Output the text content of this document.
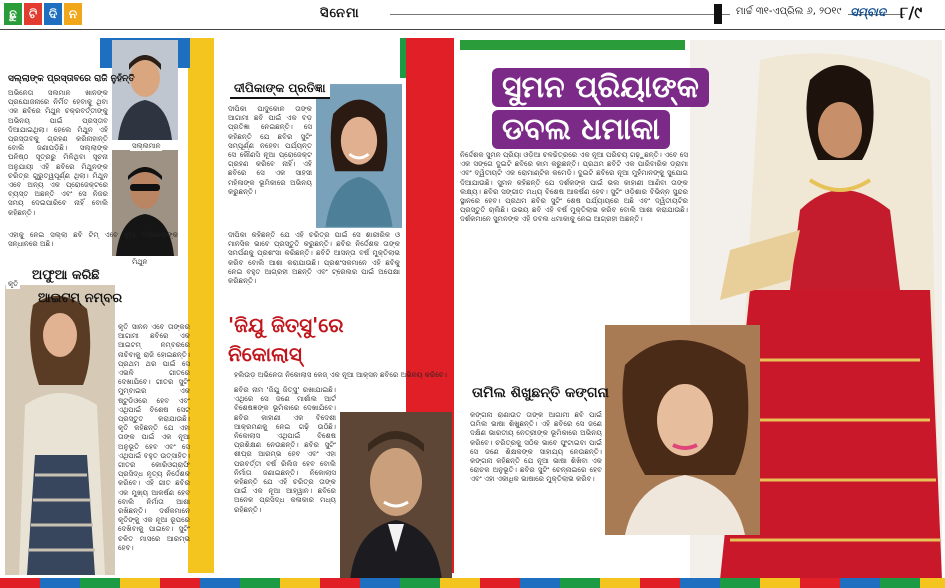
ଛୁ	ଟି ଦି ନ	ସିନେମା	ମାର୍ଚ୍ଚ ୩୧-ଏପ୍ରିଲ ୬, ୨୦୧୯ ସମ୍ବାଦ ୮/୯
ସଲ୍ଲମାନ
ମିଥୁନ
କୃତି
ସଲ୍ଲାଙ୍କ ପ୍ରସ୍ତାବରେ ରାଜି ନୁହଁନ୍ତି
ଅଫୁଆ କରିଛି
ଆଇଟମ୍ ନମ୍ବର
ଦୀପିକାଙ୍କ ପ୍ରତିଜ୍ଞା
'ଜିଯୁ ଜିତ୍‌ସୁ'ରେ
ନିକୋଲାସ୍
ସୁମନ ପ୍ରିୟାଙ୍କ
ଡବଲ ଧମାକା
ତାମିଲ ଶିଖୁଛନ୍ତି କଙ୍ଗନା
ଅଭିନେତା ସଲମାନ ଖାନଙ୍କ ପ୍ରଯୋଜନାରେ ନିର୍ମିତ ହେବାକୁ ଥିବା ଏକ ଛବିରେ ମିଥୁନ ଚକ୍ରବର୍ତ୍ତୀଙ୍କୁ ଅଭିନୟ ପାଇଁ ପ୍ରସ୍ତାବ ଦିଆଯାଇଥିଲା। ହେଲେ ମିଥୁନ ଏହି ପ୍ରସ୍ତାବକୁ ଗ୍ରହଣ କରିନାହାନ୍ତି ବୋଲି ଜଣାପଡ଼ିଛି। ସଲ୍ଲାଙ୍କ ଘନିଷ୍ଠ ସୂତ୍ରରୁ ମିଳିଥିବା ସୂଚନା ଅନୁଯାୟୀ ଏହି ଛବିରେ ମିଥୁନଙ୍କ ଚରିତ୍ର ଗୁରୁତ୍ୱପୂର୍ଣ୍ଣ ଥିଲା। ମିଥୁନ ଏବେ ଅନ୍ୟ ଏକ ପ୍ରୋଜେକ୍ଟରେ ବ୍ୟସ୍ତ ଅଛନ୍ତି ଏବଂ ସେ ନିଜର ସମୟ ଦେଇପାରିବେ ନାହିଁ ବୋଲି କହିଛନ୍ତି।
ଏହାକୁ ନେଇ ସଲ୍ଲା ଛବି ଟିମ୍ ଏବେ ନୂଆ ଅଭିନେତାଙ୍କ ସନ୍ଧାନରେ ଅଛି।
କୃତି ସାନନ ଏବେ ତାଙ୍କର ଆଗାମୀ ଛବିରେ ଏକ ଆଇଟମ୍ ନମ୍ବରରେ ନାଚିବାକୁ ରାଜି ହୋଇଛନ୍ତି। ପ୍ରଥମ ଥର ପାଇଁ ସେ ଏଭଳି ଗୀତରେ ଦେଖାଯିବେ। ଗୀତର ସୁଟିଂ ମୁମ୍ବାଇର ଏକ ଷ୍ଟୁଡିଓରେ ହେବ ଏବଂ ଏଥିପାଇଁ ବିଶେଷ ସେଟ୍ ପ୍ରସ୍ତୁତ କରାଯାଉଛି। କୃତି କହିଛନ୍ତି ଯେ ଏହା ତାଙ୍କ ପାଇଁ ଏକ ନୂଆ ଅନୁଭୂତି ହେବ ଏବଂ ସେ ଏଥିପାଇଁ ବହୁତ ଉତ୍ସାହିତ। ଗୀତର କୋରିଓଗ୍ରାଫି ପ୍ରସିଦ୍ଧ ନୃତ୍ୟ ନିର୍ଦ୍ଦେଶକ କରିବେ। ଏହି ଗୀତ ଛବିର ଏକ ମୁଖ୍ୟ ଆକର୍ଷଣ ହେବ ବୋଲି ନିର୍ମାତା ଆଶା ରଖିଛନ୍ତି। ଦର୍ଶକମାନେ କୃତିଙ୍କୁ ଏକ ନୂଆ ରୂପରେ ଦେଖିବାକୁ ପାଇବେ। ସୁଟିଂ ଚଳିତ ମାସରେ ଆରମ୍ଭ ହେବ।
ଦୀପିକା ପାଦୁକୋନ ତାଙ୍କ ଆଗାମୀ ଛବି ପାଇଁ ଏକ ବଡ଼ ପ୍ରତିଜ୍ଞା ନେଇଛନ୍ତି। ସେ କହିଛନ୍ତି ଯେ ଛବିର ସୁଟିଂ ସମ୍ପୂର୍ଣ୍ଣ ନହେବା ପର୍ଯ୍ୟନ୍ତ ସେ କୌଣସି ନୂଆ ପ୍ରୋଜେକ୍ଟ ଗ୍ରହଣ କରିବେ ନାହିଁ। ଏହି ଛବିରେ ସେ ଏକ ସାହସୀ ମହିଳାଙ୍କ ଭୂମିକାରେ ଅଭିନୟ କରୁଛନ୍ତି।
ଦୀପିକା କହିଛନ୍ତି ଯେ ଏହି ଚରିତ୍ର ପାଇଁ ସେ ଶାରୀରିକ ଓ ମାନସିକ ଭାବେ ପ୍ରସ୍ତୁତି କରୁଛନ୍ତି। ଛବିର ନିର୍ଦ୍ଦେଶକ ତାଙ୍କ ସମର୍ପଣକୁ ପ୍ରଶଂସା କରିଛନ୍ତି। ଛବିଟି ଆସନ୍ତା ବର୍ଷ ମୁକ୍ତିଲାଭ କରିବ ବୋଲି ଆଶା କରାଯାଉଛି। ପ୍ରଶଂସକମାନେ ଏହି ଛବିକୁ ନେଇ ବହୁତ ଆଗ୍ରହୀ ଅଛନ୍ତି ଏବଂ ଟ୍ରେଲର ପାଇଁ ଅପେକ୍ଷା କରିଛନ୍ତି।
ହଲିଉଡ଼ ଅଭିନେତା ନିକୋଲାସ କେଜ୍ ଏକ ନୂଆ ଆକ୍ସନ ଛବିରେ ଅଭିନୟ କରିବେ।
ଛବିର ନାମ 'ଜିଯୁ ଜିତ୍‌ସୁ' ରଖାଯାଇଛି। ଏଥିରେ ସେ ଜଣେ ମାର୍ଶାଲ ଆର୍ଟ ବିଶେଷଜ୍ଞଙ୍କ ଭୂମିକାରେ ଦେଖାଯିବେ। ଛବିର କାହାଣୀ ଏକ ବିଦେଶୀ ଆକ୍ରମଣକୁ ନେଇ ଗଢ଼ି ଉଠିଛି। ନିକୋଲାସ ଏଥିପାଇଁ ବିଶେଷ ପ୍ରଶିକ୍ଷଣ ନେଉଛନ୍ତି। ଛବିର ସୁଟିଂ ଶୀଘ୍ର ଆରମ୍ଭ ହେବ ଏବଂ ଏହା ପରବର୍ତ୍ତୀ ବର୍ଷ ରିଲିଜ ହେବ ବୋଲି ନିର୍ମାତା ଜଣାଇଛନ୍ତି। ନିକୋଲାସ କହିଛନ୍ତି ଯେ ଏହି ଚରିତ୍ର ତାଙ୍କ ପାଇଁ ଏକ ନୂଆ ଆହ୍ୱାନ। ଛବିରେ ଅନେକ ପ୍ରସିଦ୍ଧ କଳାକାର ମଧ୍ୟ ରହିଛନ୍ତି।
ନିର୍ଦ୍ଦେଶକ ସୁମନ ପ୍ରିୟା ଓଡ଼ିଆ ଚଳଚ୍ଚିତ୍ରରେ ଏକ ନୂଆ ପରିଚୟ ଗଢ଼ୁଛନ୍ତି। ଏବେ ସେ ଏକ ସଙ୍ଗେ ଦୁଇଟି ଛବିରେ କାମ କରୁଛନ୍ତି। ପ୍ରଥମ ଛବିଟି ଏକ ପାରିବାରିକ ଡ୍ରାମା ଏବଂ ଦ୍ୱିତୀୟଟି ଏକ ରୋମାଣ୍ଟିକ କମେଡି। ଦୁଇଟି ଛବିରେ ନୂଆ ମୁହଁମାନଙ୍କୁ ସୁଯୋଗ ଦିଆଯାଉଛି। ସୁମନ କହିଛନ୍ତି ଯେ ଦର୍ଶକଙ୍କ ପାଇଁ ଭଲ କାହାଣୀ ଆଣିବା ତାଙ୍କ ଲକ୍ଷ୍ୟ। ଛବିର ସଙ୍ଗୀତ ମଧ୍ୟ ବିଶେଷ ଆକର୍ଷଣ ହେବ। ସୁଟିଂ ଓଡ଼ିଶାର ବିଭିନ୍ନ ସୁନ୍ଦର ସ୍ଥାନରେ ହେବ। ପ୍ରଥମ ଛବିର ସୁଟିଂ ଶେଷ ପର୍ଯ୍ୟାୟରେ ଅଛି ଏବଂ ଦ୍ୱିତୀୟଟିର ପ୍ରସ୍ତୁତି ଚାଲିଛି। ଉଭୟ ଛବି ଏହି ବର୍ଷ ମୁକ୍ତିଲାଭ କରିବ ବୋଲି ଆଶା କରାଯାଉଛି। ଦର୍ଶକମାନେ ସୁମନଙ୍କ ଏହି ଡବଲ ଧମାକାକୁ ନେଇ ଆଗ୍ରହୀ ଅଛନ୍ତି।
କଙ୍ଗନା ରାଣାଉତ ତାଙ୍କ ଆଗାମୀ ଛବି ପାଇଁ ତାମିଲ ଭାଷା ଶିଖୁଛନ୍ତି। ଏହି ଛବିରେ ସେ ଜଣେ ଦକ୍ଷିଣ ଭାରତୀୟ ନେତ୍ରୀଙ୍କ ଭୂମିକାରେ ଅଭିନୟ କରିବେ। ଚରିତ୍ରକୁ ସଠିକ ଭାବେ ଫୁଟାଇବା ପାଇଁ ସେ ଜଣେ ଶିକ୍ଷକଙ୍କ ସାହାଯ୍ୟ ନେଉଛନ୍ତି। କଙ୍ଗନା କହିଛନ୍ତି ଯେ ନୂଆ ଭାଷା ଶିଖିବା ଏକ ରୋଚକ ଅନୁଭୂତି। ଛବିର ସୁଟିଂ ଚେନ୍ନାଇରେ ହେବ ଏବଂ ଏହା ଏକାଧିକ ଭାଷାରେ ମୁକ୍ତିଲାଭ କରିବ।
